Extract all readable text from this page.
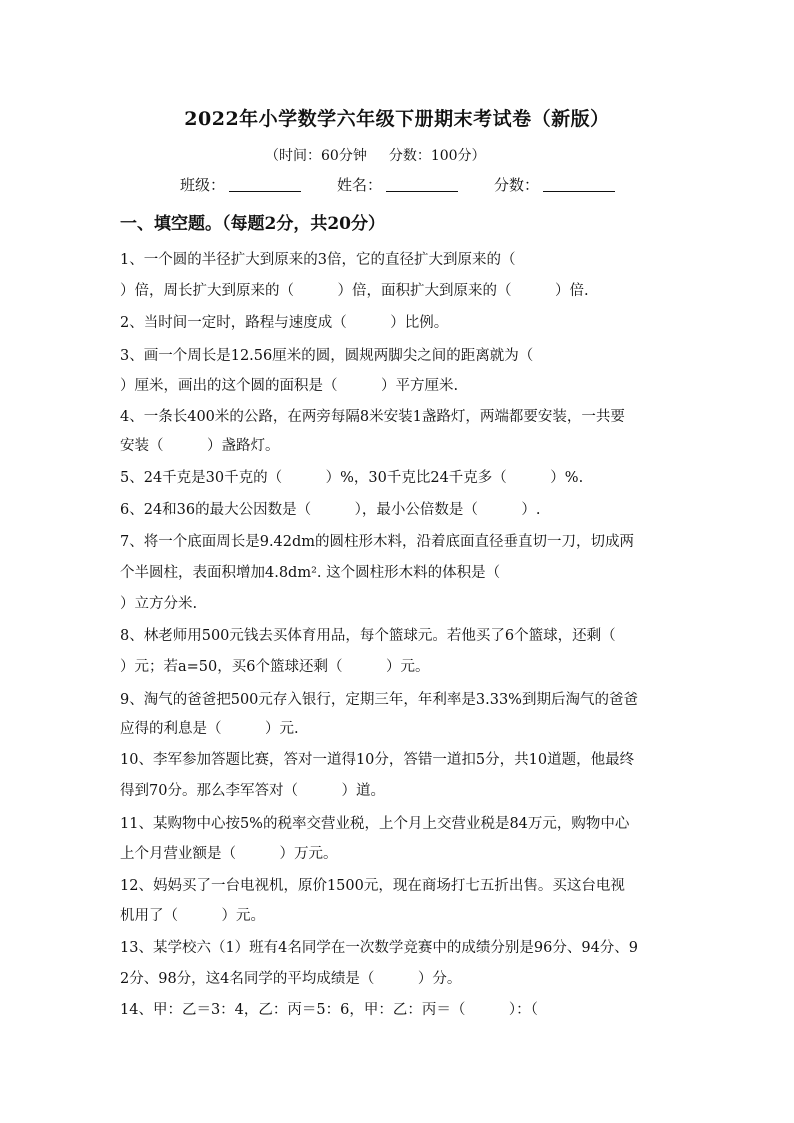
2022年小学数学六年级下册期末考试卷（新版）
（时间：60分钟 分数：100分）
班级：	姓名：	分数：
一、填空题。（每题2分，共20分）
1、一个圆的半径扩大到原来的3倍，它的直径扩大到原来的（
）倍，周长扩大到原来的（　　　）倍，面积扩大到原来的（　　　）倍.
2、当时间一定时，路程与速度成（　　　）比例。
3、画一个周长是12.56厘米的圆，圆规两脚尖之间的距离就为（
）厘米，画出的这个圆的面积是（　　　）平方厘米.
4、一条长400米的公路，在两旁每隔8米安装1盏路灯，两端都要安装，一共要
安装（　　　）盏路灯。
5、24千克是30千克的（　　　）%，30千克比24千克多（　　　）%.
6、24和36的最大公因数是（　　　），最小公倍数是（　　　）.
7、将一个底面周长是9.42dm的圆柱形木料，沿着底面直径垂直切一刀，切成两
个半圆柱，表面积增加4.8dm². 这个圆柱形木料的体积是（
）立方分米.
8、林老师用500元钱去买体育用品，每个篮球元。若他买了6个篮球，还剩（
）元；若a=50，买6个篮球还剩（　　　）元。
9、淘气的爸爸把500元存入银行，定期三年，年利率是3.33%到期后淘气的爸爸
应得的利息是（　　　）元.
10、李军参加答题比赛，答对一道得10分，答错一道扣5分，共10道题，他最终
得到70分。那么李军答对（　　　）道。
11、某购物中心按5%的税率交营业税，上个月上交营业税是84万元，购物中心
上个月营业额是（　　　）万元。
12、妈妈买了一台电视机，原价1500元，现在商场打七五折出售。买这台电视
机用了（　　　）元。
13、某学校六（1）班有4名同学在一次数学竞赛中的成绩分别是96分、94分、9
2分、98分，这4名同学的平均成绩是（　　　）分。
14、甲：乙＝3：4，乙：丙＝5：6，甲：乙：丙＝（　　　）：（
